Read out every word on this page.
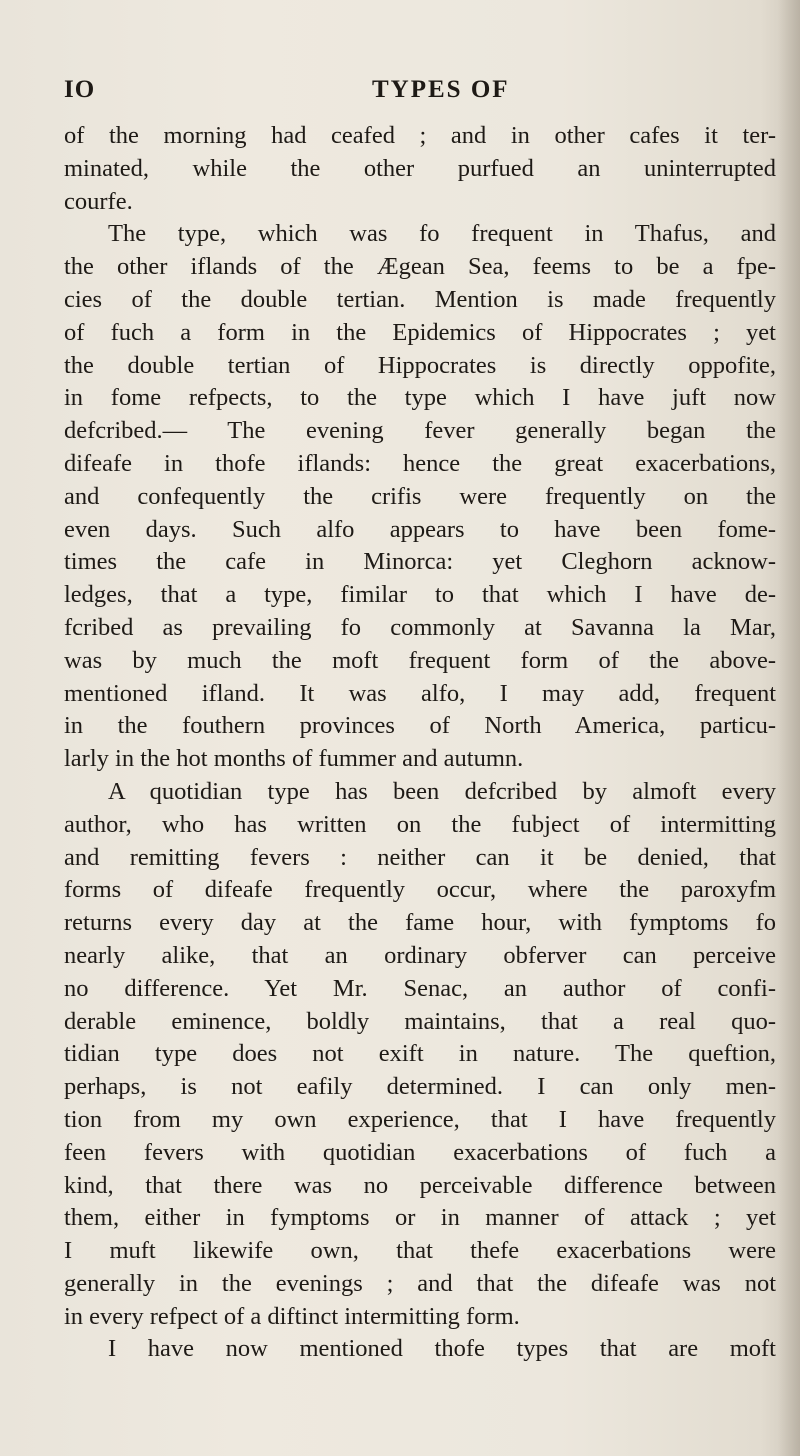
IO	TYPES OF
of the morning had ceafed ; and in other cafes it ter-
minated, while the other purfued an uninterrupted
courfe.
The type, which was fo frequent in Thafus, and
the other iflands of the Ægean Sea, feems to be a fpe-
cies of the double tertian. Mention is made frequently
of fuch a form in the Epidemics of Hippocrates ; yet
the double tertian of Hippocrates is directly oppofite,
in fome refpects, to the type which I have juft now
defcribed.— The evening fever generally began the
difeafe in thofe iflands: hence the great exacerbations,
and confequently the crifis were frequently on the
even days. Such alfo appears to have been fome-
times the cafe in Minorca: yet Cleghorn acknow-
ledges, that a type, fimilar to that which I have de-
fcribed as prevailing fo commonly at Savanna la Mar,
was by much the moft frequent form of the above-
mentioned ifland. It was alfo, I may add, frequent
in the fouthern provinces of North America, particu-
larly in the hot months of fummer and autumn.
A quotidian type has been defcribed by almoft every
author, who has written on the fubject of intermitting
and remitting fevers : neither can it be denied, that
forms of difeafe frequently occur, where the paroxyfm
returns every day at the fame hour, with fymptoms fo
nearly alike, that an ordinary obferver can perceive
no difference. Yet Mr. Senac, an author of confi-
derable eminence, boldly maintains, that a real quo-
tidian type does not exift in nature. The queftion,
perhaps, is not eafily determined. I can only men-
tion from my own experience, that I have frequently
feen fevers with quotidian exacerbations of fuch a
kind, that there was no perceivable difference between
them, either in fymptoms or in manner of attack ; yet
I muft likewife own, that thefe exacerbations were
generally in the evenings ; and that the difeafe was not
in every refpect of a diftinct intermitting form.
I have now mentioned thofe types that are moft
